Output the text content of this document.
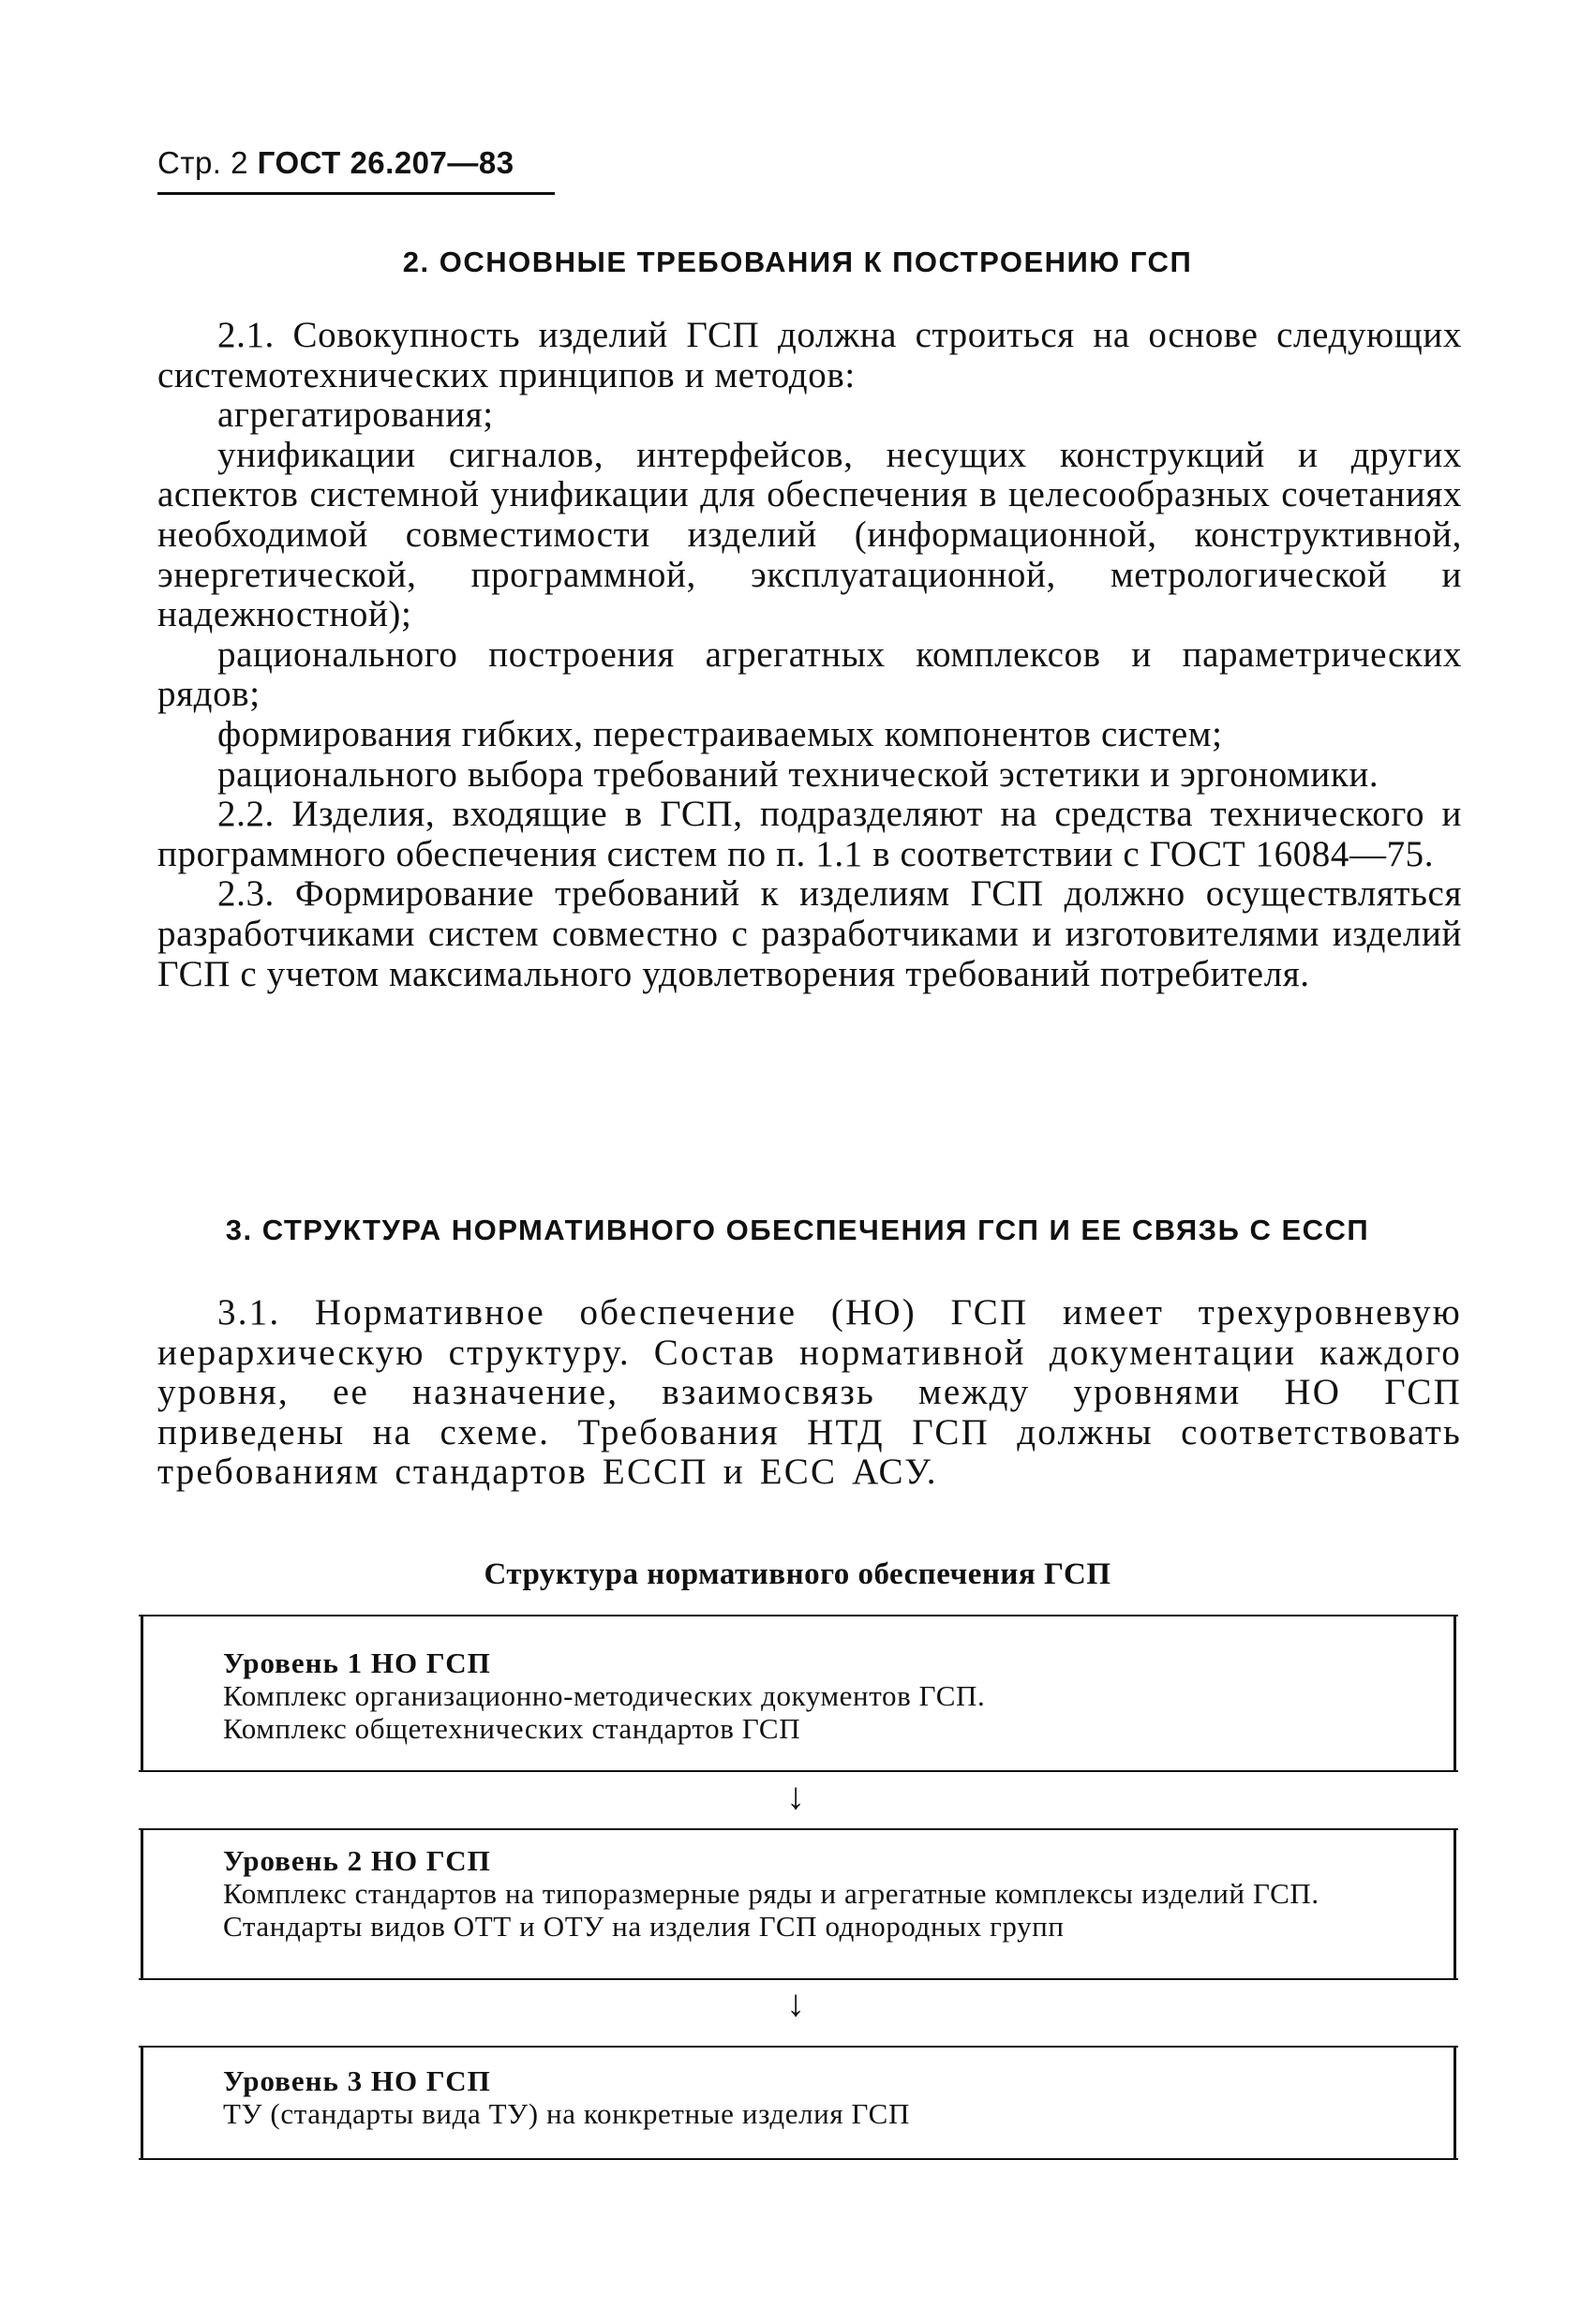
Стр. 2 ГОСТ 26.207—83
2. ОСНОВНЫЕ ТРЕБОВАНИЯ К ПОСТРОЕНИЮ ГСП

2.1. Совокупность изделий ГСП должна строиться на основе следующих системотехнических принципов и методов:

агрегатирования;

унификации сигналов, интерфейсов, несущих конструкций и других аспектов системной унификации для обеспечения в целесообразных сочетаниях необходимой совместимости изделий (информационной, конструктивной, энергетической, программной, эксплуатационной, метрологической и надежностной);

рационального построения агрегатных комплексов и параметрических рядов;

формирования гибких, перестраиваемых компонентов систем;

рационального выбора требований технической эстетики и эргономики.

2.2. Изделия, входящие в ГСП, подразделяют на средства технического и программного обеспечения систем по п. 1.1 в соответствии с ГОСТ 16084—75.

2.3. Формирование требований к изделиям ГСП должно осуществляться разработчиками систем совместно с разработчиками и изготовителями изделий ГСП с учетом максимального удовлетворения требований потребителя.

3. СТРУКТУРА НОРМАТИВНОГО ОБЕСПЕЧЕНИЯ ГСП И ЕЕ СВЯЗЬ С ЕССП

3.1. Нормативное обеспечение (НО) ГСП имеет трехуровневую иерархическую структуру. Состав нормативной документации каждого уровня, ее назначение, взаимосвязь между уровнями НО ГСП приведены на схеме. Требования НТД ГСП должны соответствовать требованиям стандартов ЕССП и ЕСС АСУ.

Структура нормативного обеспечения ГСП
Уровень 1 НО ГСП
Комплекс организационно-методических документов ГСП.
Комплекс общетехнических стандартов ГСП
↓
Уровень 2 НО ГСП
Комплекс стандартов на типоразмерные ряды и агрегатные комплексы изделий ГСП.
Стандарты видов ОТТ и ОТУ на изделия ГСП однородных групп
↓
Уровень 3 НО ГСП
ТУ (стандарты вида ТУ) на конкретные изделия ГСП
